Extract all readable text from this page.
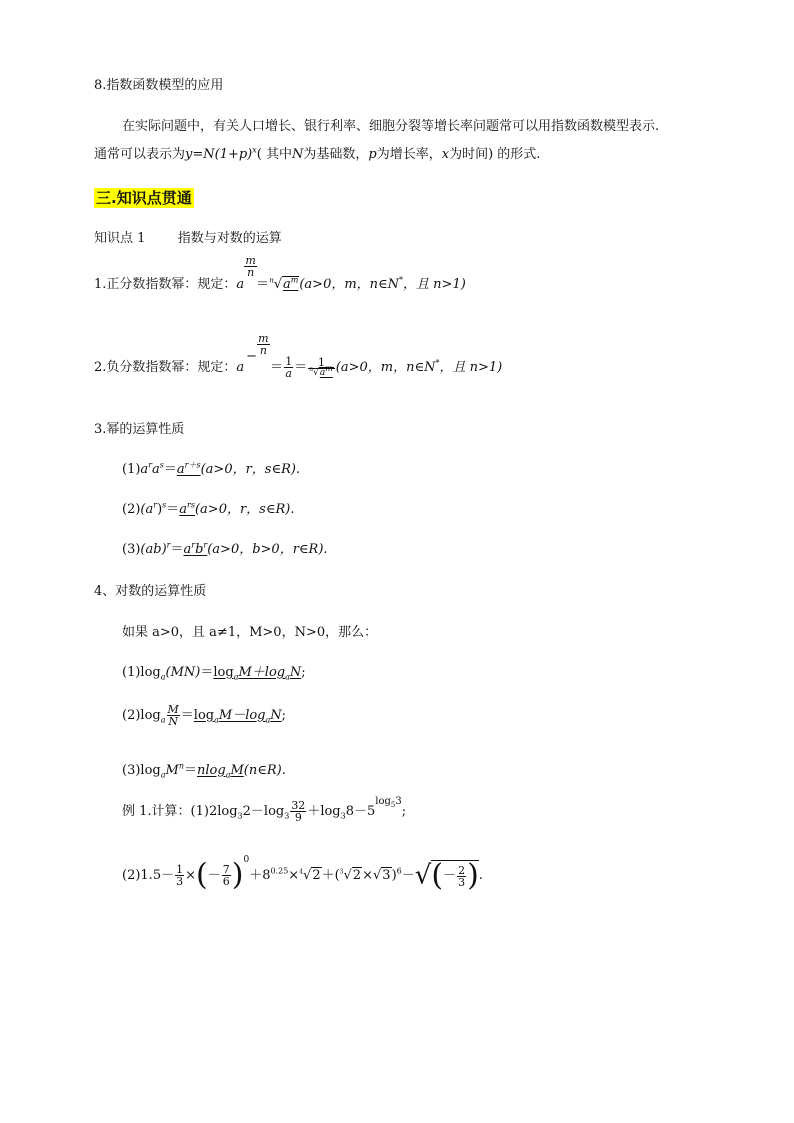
8.指数函数模型的应用
在实际问题中，有关人口增长、银行利率、细胞分裂等增长率问题常可以用指数函数模型表示.
通常可以表示为$y=N(1+p)^x$( 其中N为基础数，p为增长率，x为时间) 的形式.
三.知识点贯通
知识点 1 指数与对数的运算
1.正分数指数幂：规定：a
$\frac{m}{n}$
$=^n√a^m(a>0$，m，n∈N*，且 n>1)
2.负分数指数幂：规定：a
−
$\frac{m}{n}$
＝ $\frac{1}{a} = \frac{1}{^n√a^m} (a>0$，m，n∈N*，且 n>1)
3.幂的运算性质
$(1)a^ra^s=a^{r+s}(a>0$，r，s∈R).
$(2)(a^r)^s=a^{rs}(a>0$，r，s∈R).
$(3)(ab)^r=a^rb^r(a>0$，b>0，r∈R).
4、对数的运算性质
如果 a>0，且 a≠1，M>0，N>0，那么：
$(1)\log_a(MN)=\log_aM+\log_aN$;
$(2)\log_a \frac{M}{N} =\log_aM-\log_aN$;
$(3)\log_aM^n=nlog_aM(n\in R)$.
例 1.计算：$(1)2\log_32-\log_3 \frac{32}{9} +\log_38-5^{log_53}$;
$(2)1.5- \frac{1}{3}$ ×(－ $\frac{7}{6} )^0+8^{0.25}\times^4√2+(^3√2\times√3)^6-√(- \frac{2}{3}$ ).
